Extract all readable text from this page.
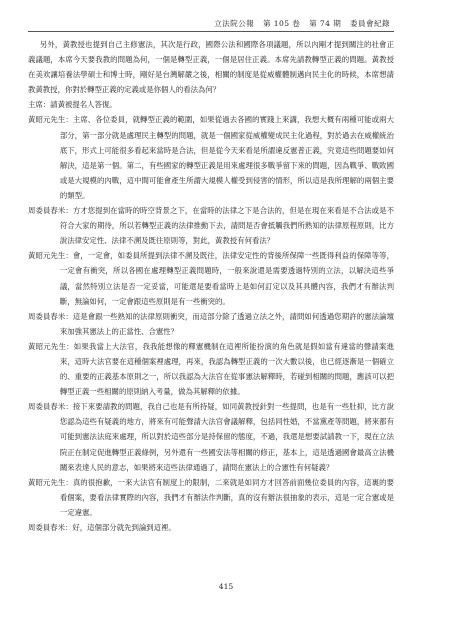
立法院公報 第 105 卷 第 74 期 委員會紀錄

另外，黃教授也提到自己主修憲法，其次是行政，國際公法和國際各項議題，所以內剛才提到關注的社會正義議題，本席今天要我教的問題為何，一個是轉型正義，一個是居住正義。本席先請教轉型正義的問題。黃教授在美欢讓培養法學碩士和博士時，剛好是台灣解嚴之後，相關的制度是從威權體制邁向民主化的時候，本席想請教黃教授，你對於轉型正義的定義或是你個人的看法為何？

主席：請黃被提名人答復。

黃昭元先生：主席、各位委員，就轉型正義的範圍，如果從過去各國的實踐上來講，我想大概有兩種可能或兩大部分，第一部分就是處理民主轉型的問題，就是一個國家從威權變成民主化過程，對於過去在威權統治底下，形式上可能很多看起來當時是合法，但是從今天來看是所謂違反憲普正義，究竟這些問題要如何解決，這是第一個。第二，有些國家的轉型正義是用來處理很多戰爭留下來的問題，因為戰爭、戰敗國或是大規模的內戰，這中間可能會產生所謂大規模人權受到侵害的情形，所以這是我所理解的兩個主要的類型。

周委員春米：方才您提到在當時的時空背景之下，在當時的法律之下是合法的，但是在現在來看是不合法或是不符合大家的期待，所以若轉型正義的法律推動下去，請問是否會抵觸我們所熟知的法律原程原則，比方說法律安定性、法律不溯及既往原則等，對此，黃教授有何看法？

黃昭元先生：會，一定會，如委員所提到法律不溯及既往，法律安定性的背後所保障一些既得利益的保障等等，一定會有衝突，所以各國在處理轉型正義問題時，一般來說還是需要透過特別的立法，以解決這些爭議，當然特別立法是否一定妥當，可能還是要看當時上是如何訂定以及其具體內容，我們才有辦法判斷，無論如何，一定會跟這些原則是有一些衝突的。

周委員春米：這是會跟一些熟知的法律原則衝突，而這部分除了透過立法之外，請問如何透過您期許的憲法論壇來加強其憲法上的正當性、合憲性？

黃昭元先生：如果我當上大法官，我我能想像的釋憲機制在這裡所能扮演的角色就是假如當有違當的聲請案進來，這時大法官要在這種個案裡處理，再來，我認為轉型正義的一次大數以後，也已經逐漸是一個確立的、重要的正義基本原則之一，所以我認為大法官在從事憲法解釋時，若碰到相關的問題，應該可以把轉型正義一些相關的原則納入考量，做為其解釋的依據。

周委員春米：接下來要請教的問題，我自己也是有所持疑，如同黃教授針對一些提問，也是有一些肚抑，比方說您認為這些有疑義的地方，將來有可能聲請大法官會議解釋，包括同性婚，不當黨產等問題，將來都有可能到憲法法庭來處理，所以對於這些部分是持保留的態度，不過，我還是想要試請教一下，現在立法院正在制定促進轉型正義條例，另外還有一些國安法等相關的修正，基本上，這是透過國會最高立法機關來表達人民的意志，如果將來這些法律通過了，請問在憲法上的合憲性有何疑義？

黃昭元先生：真的很抱歉，一來大法官有制度上的限制，二來就是如同方才回答前面幾位委員的內容，這裏的要看個案，要看法律實際的內容，我們才有辦法作判斷，真的沒有辦法很抽象的表示，這是一定合憲或是一定違憲。

周委員春米：好，這個部分就先到論到這裡。

415
